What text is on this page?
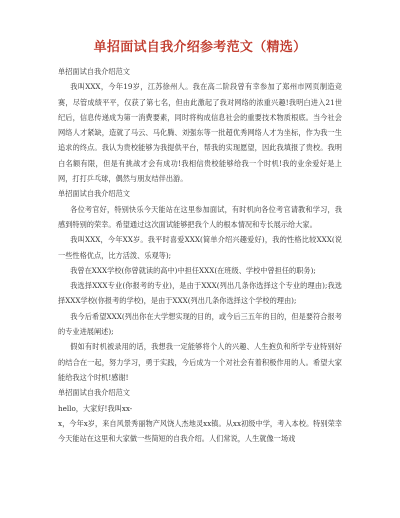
单招面试自我介绍参考范文（精选）

单招面试自我介绍范文

我叫XXX，今年19岁，江苏徐州人。我在高二阶段曾有幸参加了郑州市网页制造竞赛，尽管成绩平平，仅获了第七名，但由此激起了我对网络的浓重兴趣!我明白进入21世纪后，信息传递成为第一消费要素，同时将构成信息社会的重要技术物质根底。当今社会网络人才紧缺，造就了马云、马化腾、刘强东等一批超优秀网络人才为坐标，作为我一生追求的终点。我认为贵校能够为我提供平台，帮我的实现愿望，因此我填报了贵校。我明白名额有限，但是有挑战才会有成功!我相信贵校能够给我一个时机!我的业余爱好是上网，打打乒乓球，偶然与朋友结伴出游。

单招面试自我介绍范文

各位考官好，特别快乐今天能站在这里参加面试，有时机向各位考官请教和学习，我感到特别的荣幸。希望通过这次面试能够把我个人的根本情况和专长展示给大家。

我叫XXX，今年XX岁。我平时喜爱XXX(简单介绍兴趣爱好)，我的性格比较XXX(说一些性格优点，比方活泼、乐观等);

我曾在XXX学校(你曾就读的高中)中担任XXX(在班级、学校中曾担任的职务);

我选择XXX专业(你报考的专业)，是由于XXX(列出几条你选择这个专业的理由);我选择XXX学校(你报考的学校)，是由于XXX(列出几条你选择这个学校的理由);

我今后希望XXX(列出你在大学想实现的目的，或今后三五年的目的，但是要符合报考的专业进展阐述);

假如有时机被录用的话，我想我一定能够将个人的兴趣、人生抱负和所学专业特别好的结合在一起，努力学习，勇于实践，今后成为一个对社会有着积极作用的人。希望大家能给我这个时机!感谢!

单招面试自我介绍范文

hello，大家好!我叫xx-

x，今年x岁，来自风景秀丽物产风饶人杰地灵xx镇。从xx初级中学，考入本校。特别荣幸今天能站在这里和大家做一些简短的自我介绍。人们常说，人生就像一场戏
